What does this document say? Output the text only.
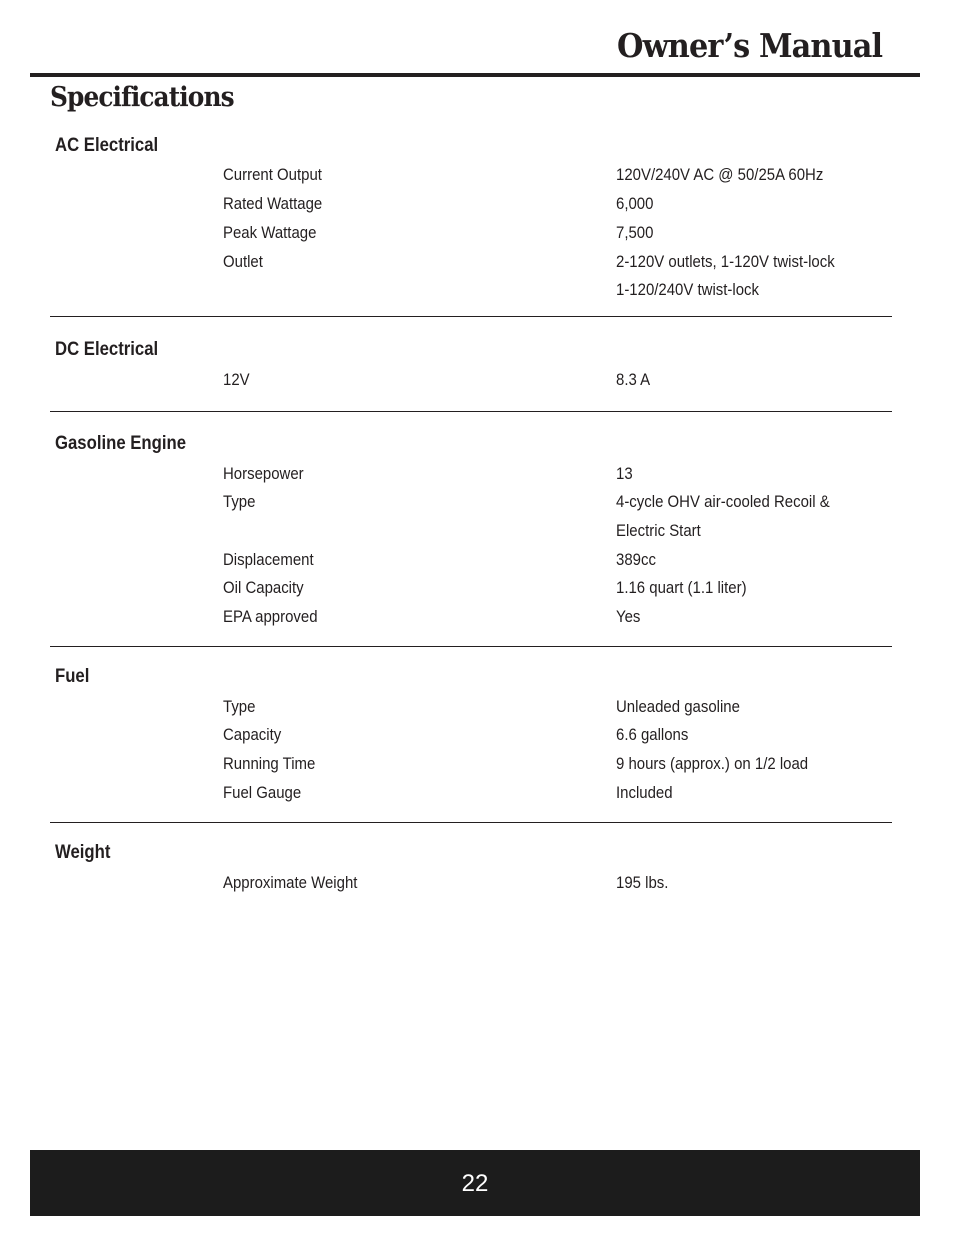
Owner’s Manual
Specifications
AC Electrical
Current Output	120V/240V AC @ 50/25A 60Hz
Rated Wattage	6,000
Peak Wattage	7,500
Outlet	2-120V outlets, 1-120V twist-lock
1-120/240V twist-lock
DC Electrical
12V	8.3 A
Gasoline Engine
Horsepower	13
Type	4-cycle OHV air-cooled Recoil &
Electric Start
Displacement	389cc
Oil Capacity	1.16 quart (1.1 liter)
EPA approved	Yes
Fuel
Type	Unleaded gasoline
Capacity	6.6 gallons
Running Time	9 hours (approx.) on 1/2 load
Fuel Gauge	Included
Weight
Approximate Weight	195 lbs.
22
